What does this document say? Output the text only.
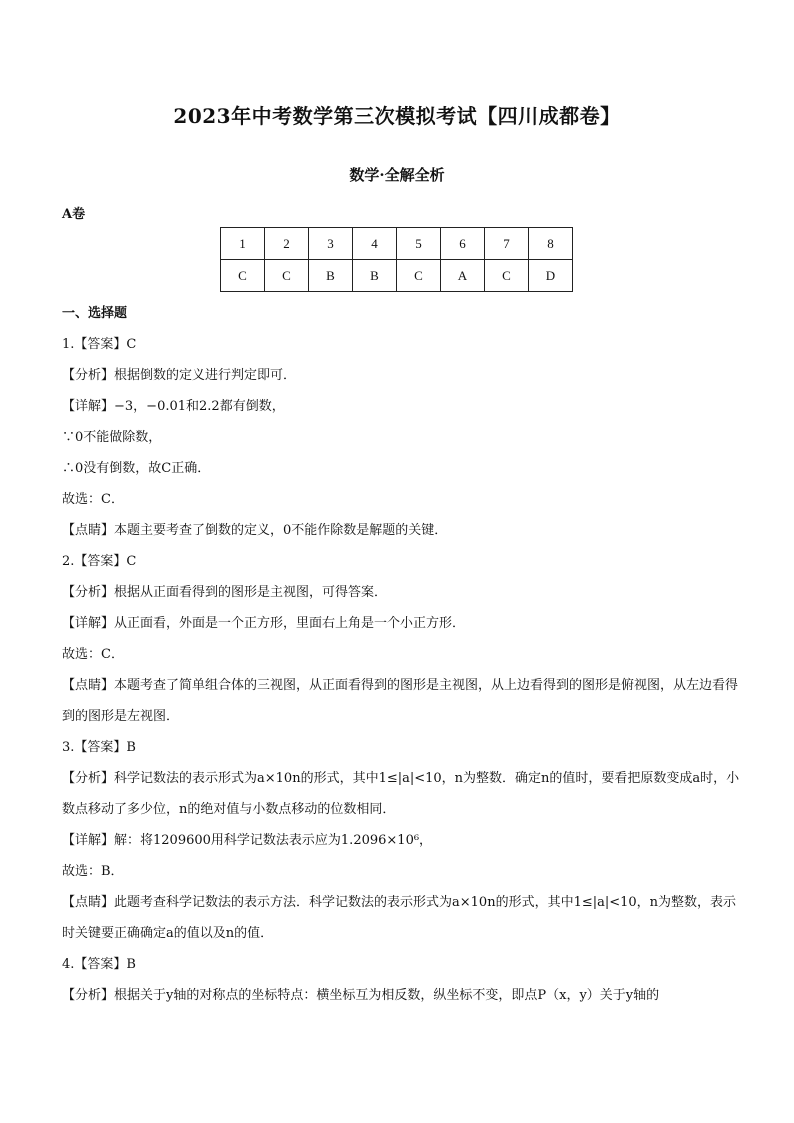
2023年中考数学第三次模拟考试【四川成都卷】
数学·全解全析
A卷
1	2	3	4	5	6	7	8
C	C	B	B	C	A	C	D
一、选择题
1.【答案】C
【分析】根据倒数的定义进行判定即可．
【详解】−3，−0.01和2.2都有倒数，
∵0不能做除数，
∴0没有倒数，故C正确．
故选：C．
【点睛】本题主要考查了倒数的定义，0不能作除数是解题的关键．
2.【答案】C
【分析】根据从正面看得到的图形是主视图，可得答案．
【详解】从正面看，外面是一个正方形，里面右上角是一个小正方形．
故选：C．
【点睛】本题考查了简单组合体的三视图，从正面看得到的图形是主视图，从上边看得到的图形是俯视图，从左边看得到的图形是左视图．
3.【答案】B
【分析】科学记数法的表示形式为a×10n的形式，其中1≤|a|<10，n为整数．确定n的值时，要看把原数变成a时，小数点移动了多少位，n的绝对值与小数点移动的位数相同．
【详解】解：将1209600用科学记数法表示应为1.2096×10⁶，
故选：B．
【点睛】此题考查科学记数法的表示方法．科学记数法的表示形式为a×10n的形式，其中1≤|a|<10，n为整数，表示时关键要正确确定a的值以及n的值．
4.【答案】B
【分析】根据关于y轴的对称点的坐标特点：横坐标互为相反数，纵坐标不变，即点P（x，y）关于y轴的
